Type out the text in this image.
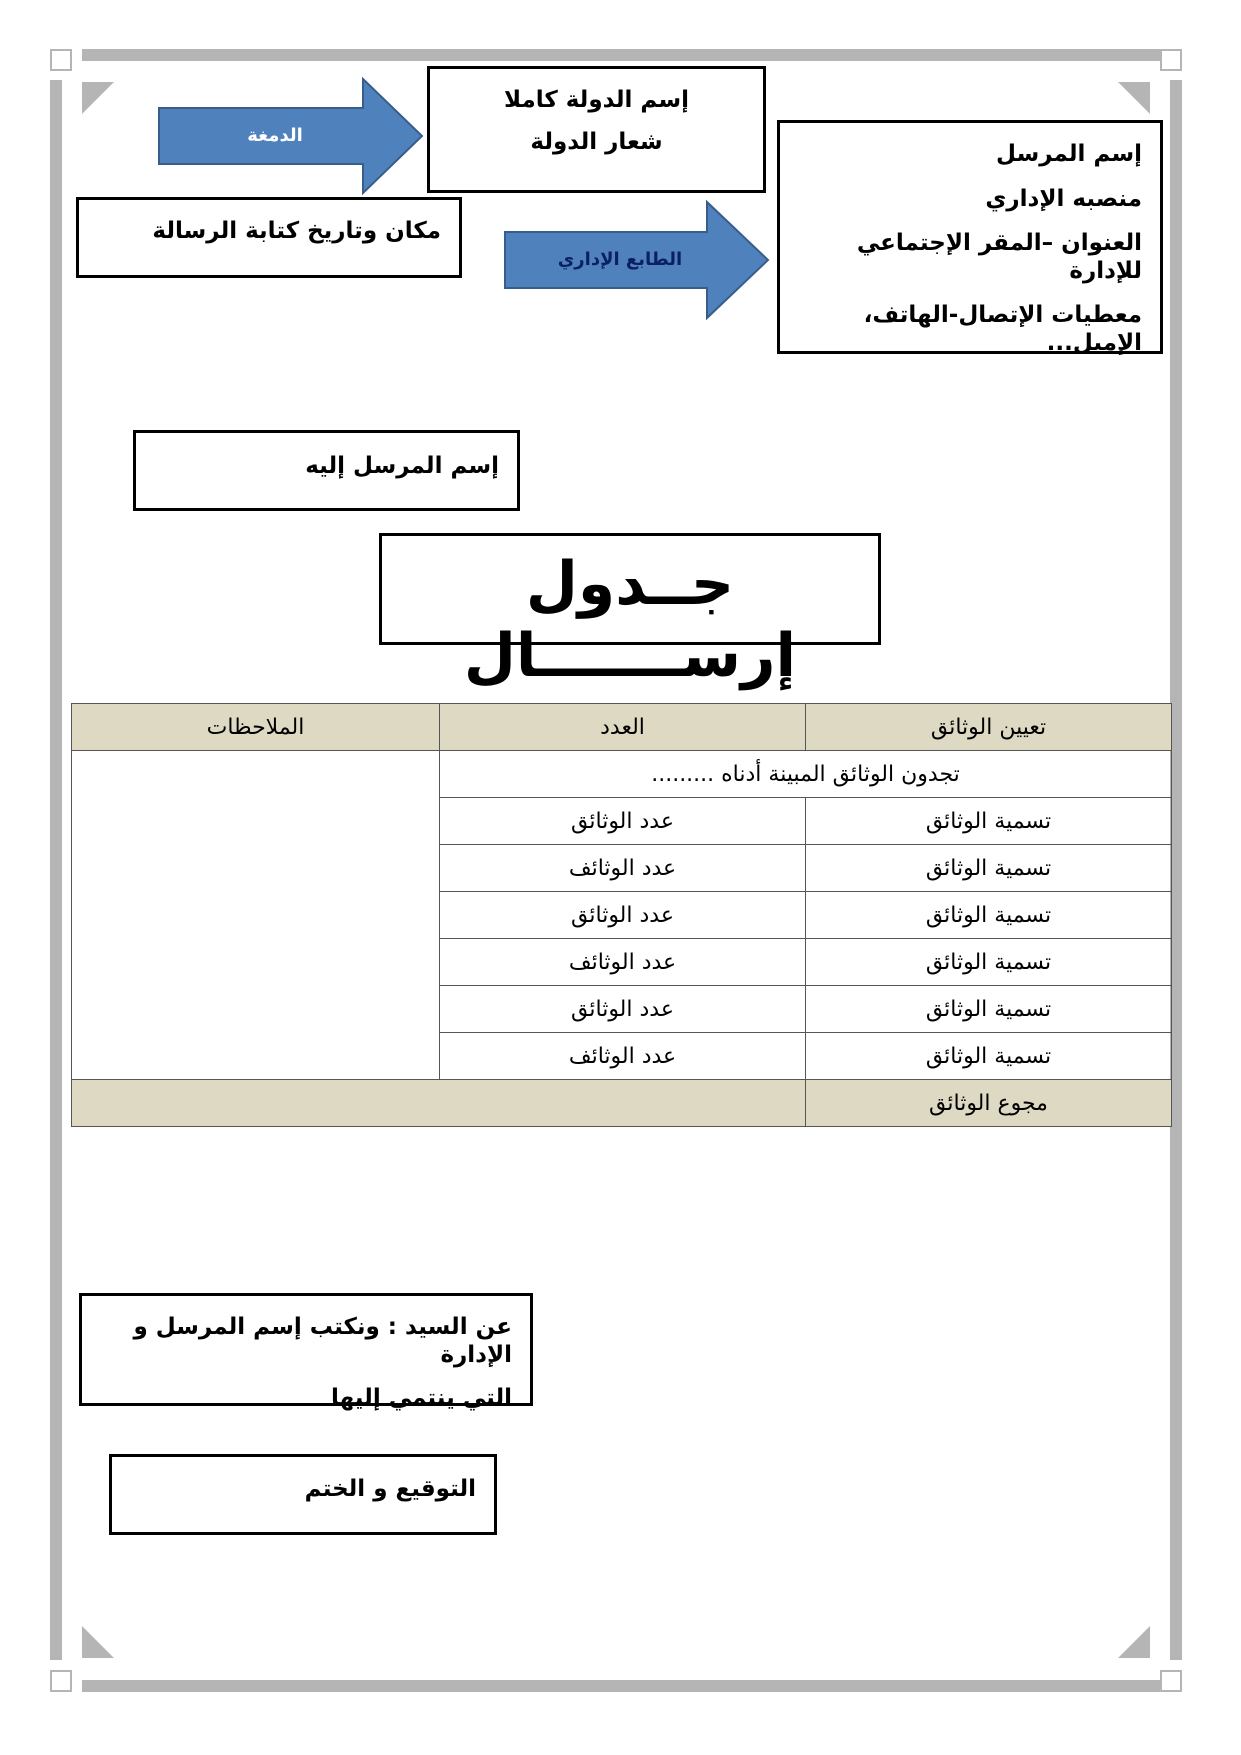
إسم الدولة كاملا
شعار الدولة
الدمغة
مكان وتاريخ كتابة الرسالة
الطابع الإداري
إسم المرسل
منصبه الإداري
العنوان –المقر الإجتماعي للإدارة
معطيات الإتصال-الهاتف، الإميل...
إسم المرسل إليه
جــدول إرســـــــال
تعيين الوثائق	العدد	الملاحظات
تجدون الوثائق المبينة أدناه .........		
تسمية الوثائق	عدد الوثائق	
تسمية الوثائق	عدد الوثائف	
تسمية الوثائق	عدد الوثائق	
تسمية الوثائق	عدد الوثائف	
تسمية الوثائق	عدد الوثائق	
تسمية الوثائق	عدد الوثائف	
مجوع الوثائق		
عن السيد : ونكتب إسم المرسل و الإدارة
التي ينتمي إليها
التوقيع و الختم
